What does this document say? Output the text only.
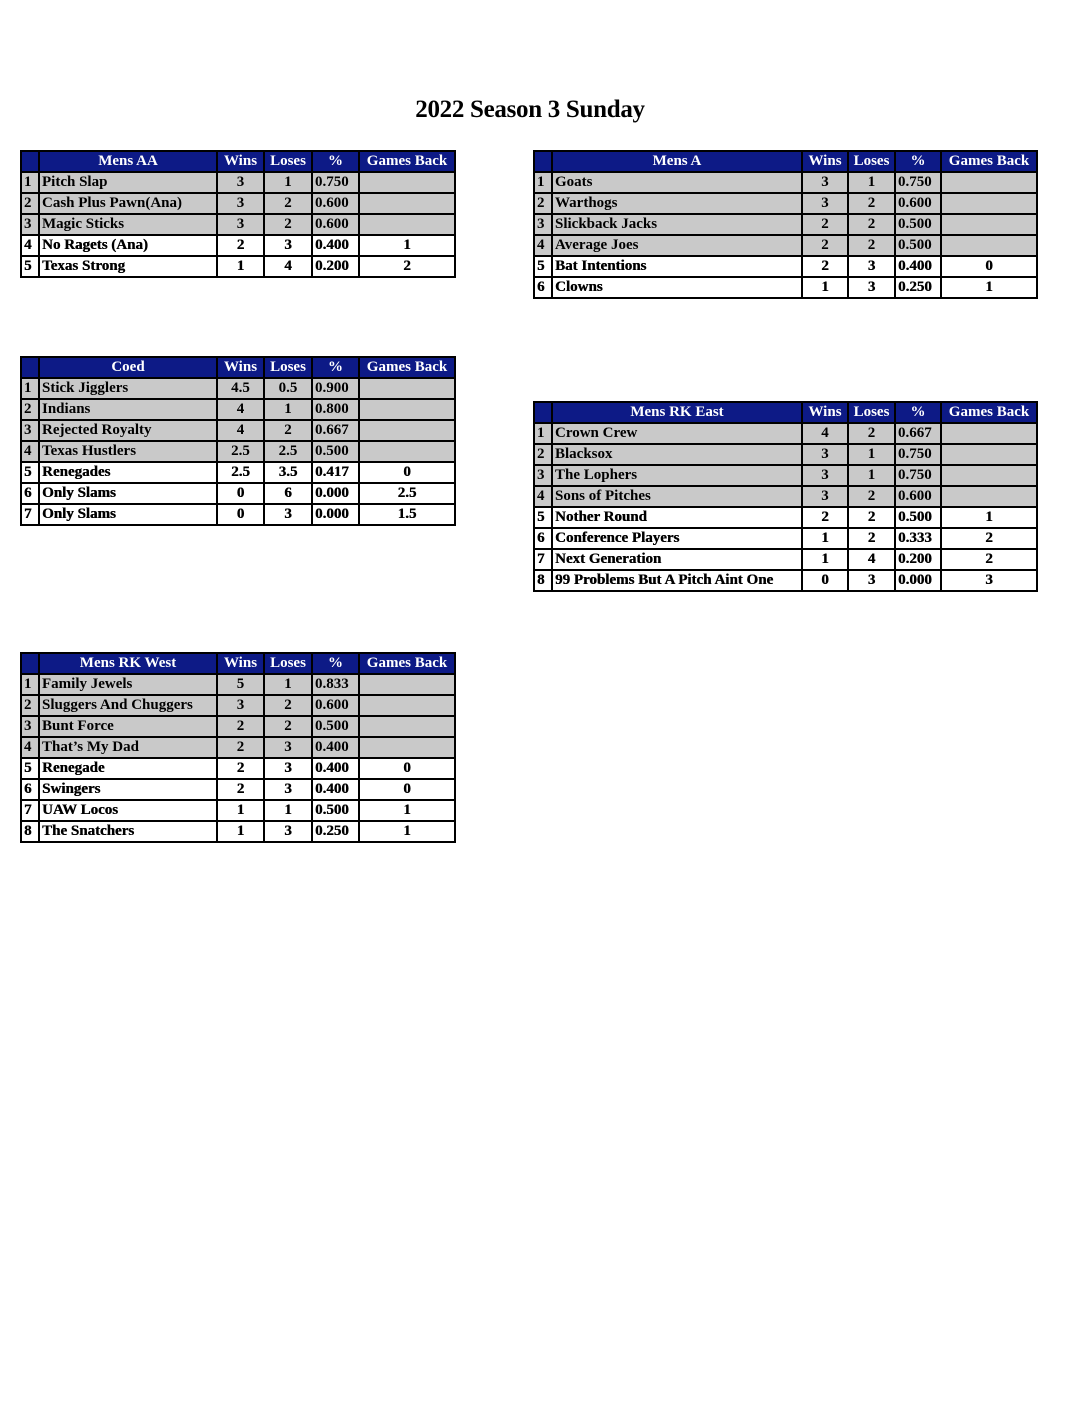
2022 Season 3 Sunday
	Mens AA	Wins	Loses	%	Games Back
1	Pitch Slap	3	1	0.750	
2	Cash Plus Pawn(Ana)	3	2	0.600	
3	Magic Sticks	3	2	0.600	
4	No Ragets (Ana)	2	3	0.400	1
5	Texas Strong	1	4	0.200	2
	Mens A	Wins	Loses	%	Games Back
1	Goats	3	1	0.750	
2	Warthogs	3	2	0.600	
3	Slickback Jacks	2	2	0.500	
4	Average Joes	2	2	0.500	
5	Bat Intentions	2	3	0.400	0
6	Clowns	1	3	0.250	1
	Coed	Wins	Loses	%	Games Back
1	Stick Jigglers	4.5	0.5	0.900	
2	Indians	4	1	0.800	
3	Rejected Royalty	4	2	0.667	
4	Texas Hustlers	2.5	2.5	0.500	
5	Renegades	2.5	3.5	0.417	0
6	Only Slams	0	6	0.000	2.5
7	Only Slams	0	3	0.000	1.5
	Mens RK East	Wins	Loses	%	Games Back
1	Crown Crew	4	2	0.667	
2	Blacksox	3	1	0.750	
3	The Lophers	3	1	0.750	
4	Sons of Pitches	3	2	0.600	
5	Nother Round	2	2	0.500	1
6	Conference Players	1	2	0.333	2
7	Next Generation	1	4	0.200	2
8	99 Problems But A Pitch Aint One	0	3	0.000	3
	Mens RK West	Wins	Loses	%	Games Back
1	Family Jewels	5	1	0.833	
2	Sluggers And Chuggers	3	2	0.600	
3	Bunt Force	2	2	0.500	
4	That’s My Dad	2	3	0.400	
5	Renegade	2	3	0.400	0
6	Swingers	2	3	0.400	0
7	UAW Locos	1	1	0.500	1
8	The Snatchers	1	3	0.250	1
